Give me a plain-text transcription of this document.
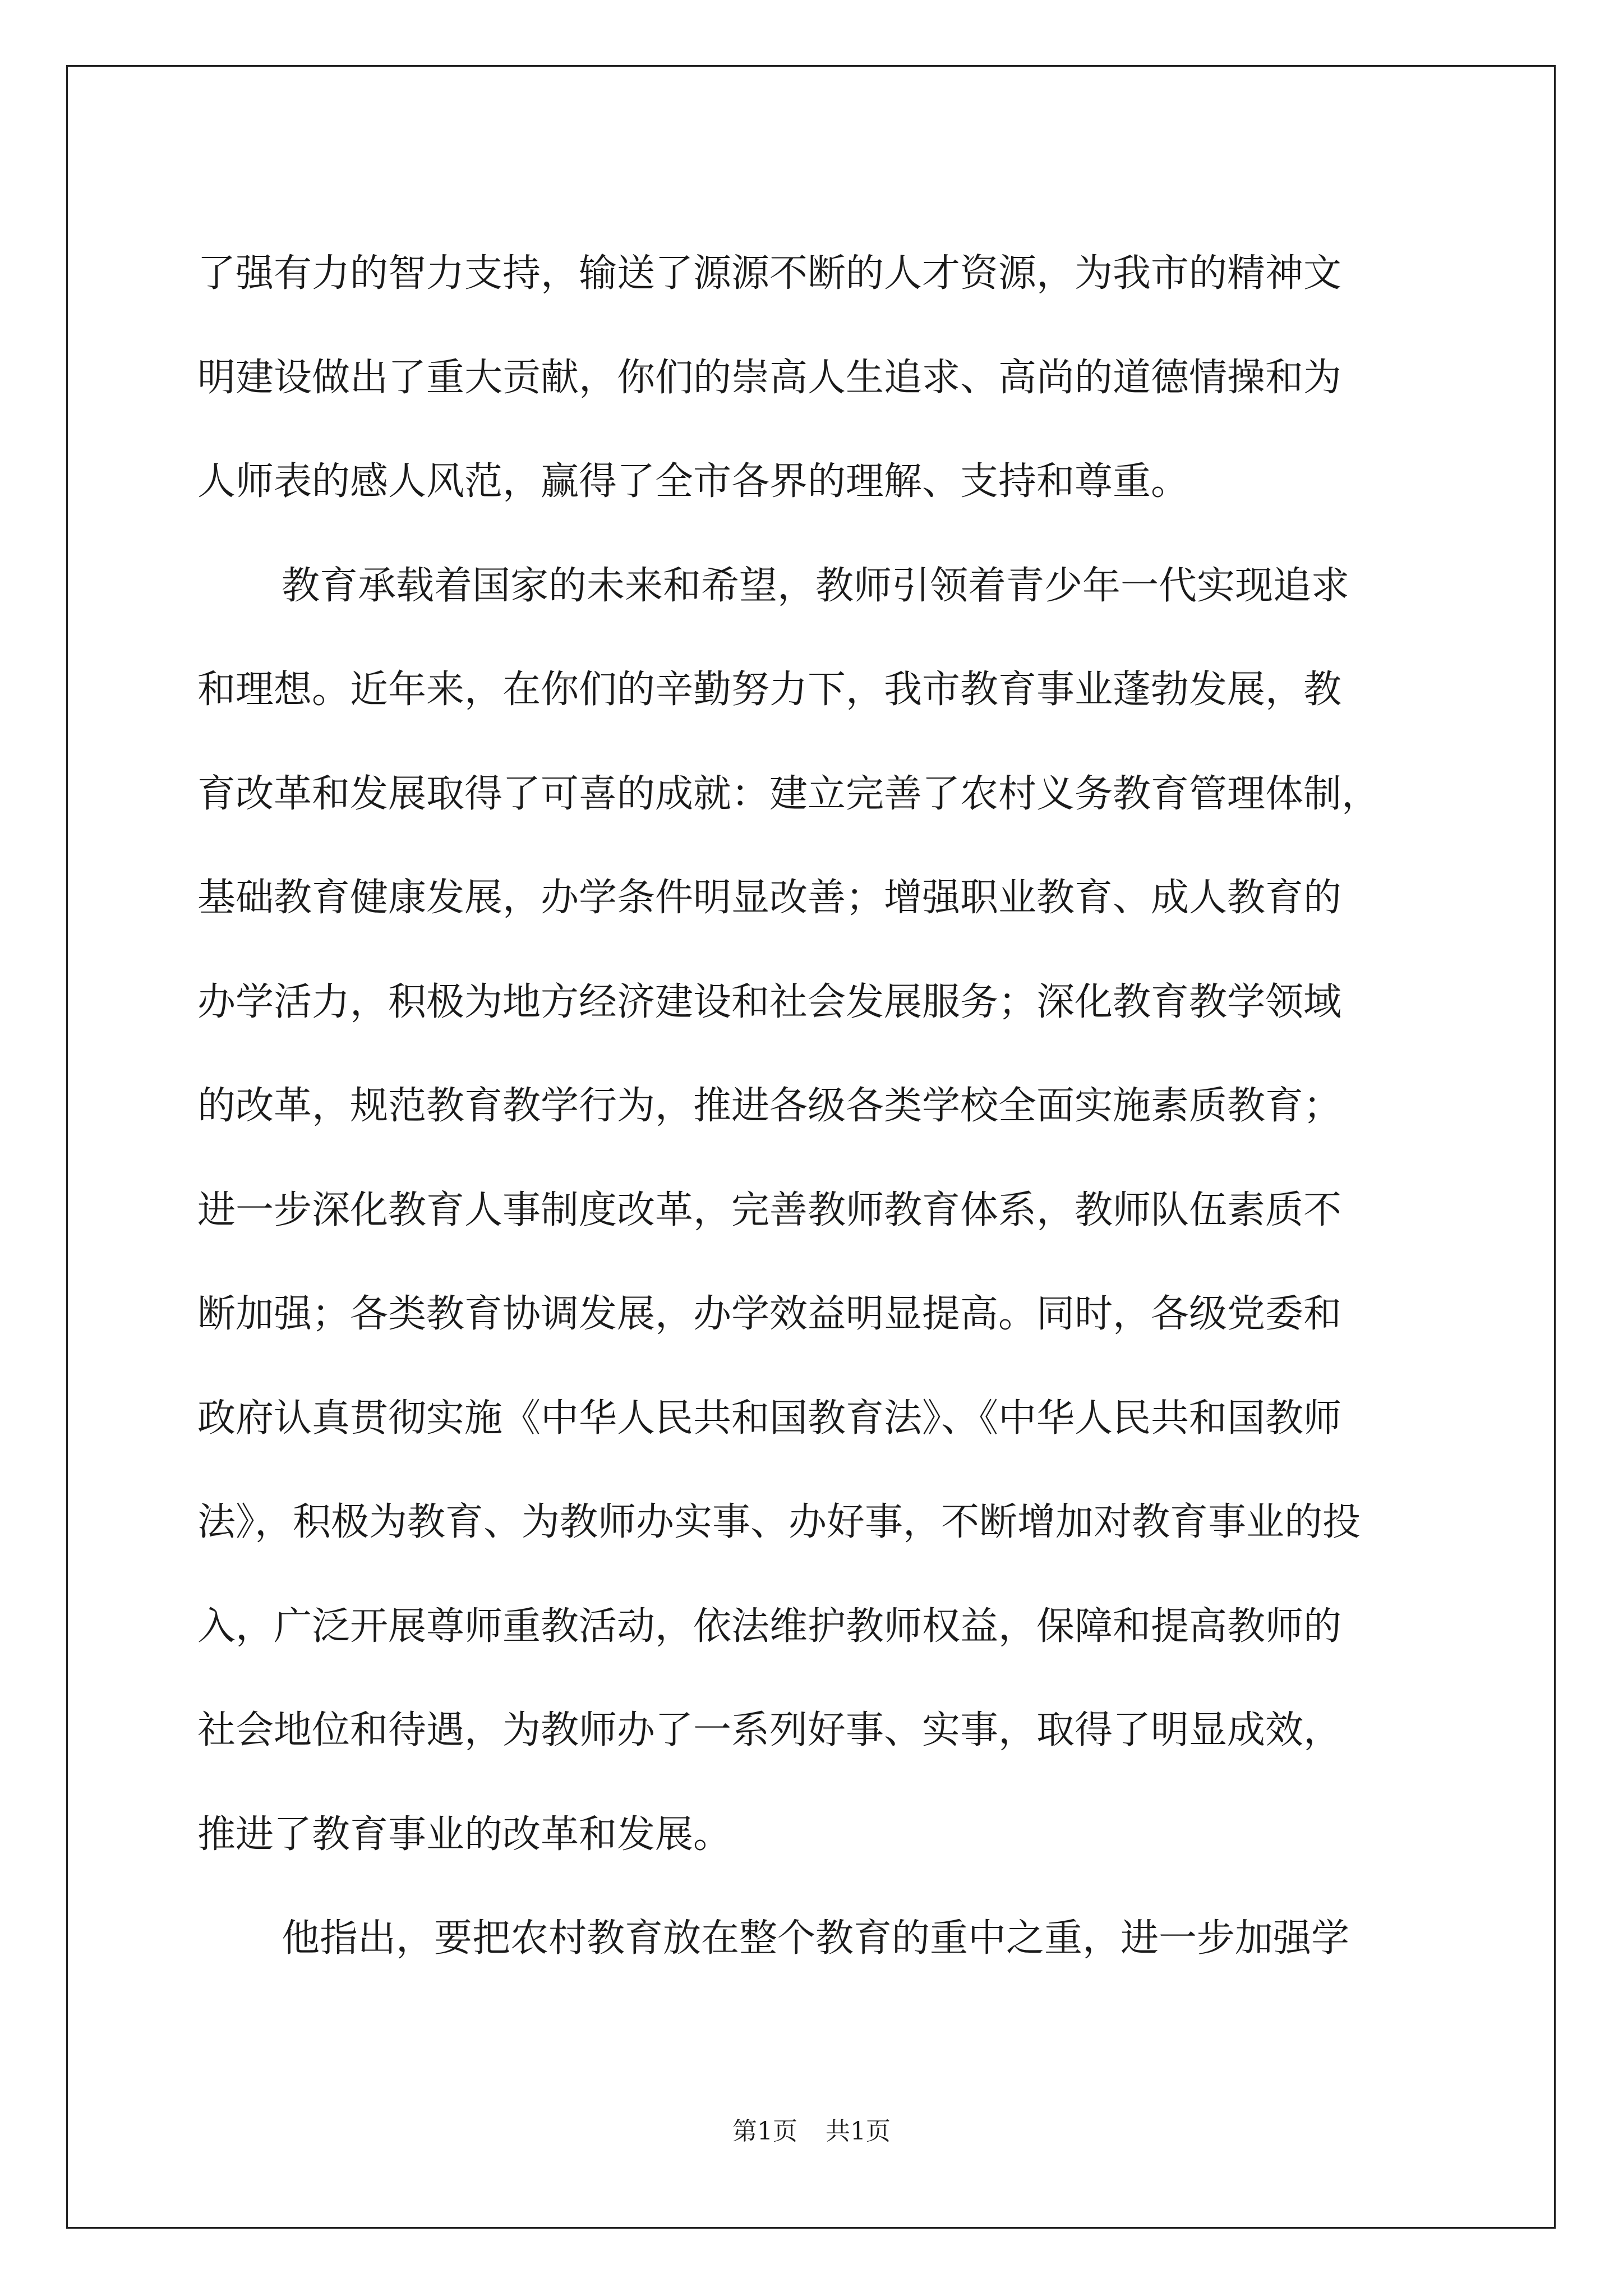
了强有力的智力支持，输送了源源不断的人才资源，为我市的精神文

明建设做出了重大贡献，你们的崇高人生追求、高尚的道德情操和为

人师表的感人风范，赢得了全市各界的理解、支持和尊重。

教育承载着国家的未来和希望，教师引领着青少年一代实现追求

和理想。近年来，在你们的辛勤努力下，我市教育事业蓬勃发展，教

育改革和发展取得了可喜的成就：建立完善了农村义务教育管理体制，

基础教育健康发展，办学条件明显改善；增强职业教育、成人教育的

办学活力，积极为地方经济建设和社会发展服务；深化教育教学领域

的改革，规范教育教学行为，推进各级各类学校全面实施素质教育；

进一步深化教育人事制度改革，完善教师教育体系，教师队伍素质不

断加强；各类教育协调发展，办学效益明显提高。同时，各级党委和

政府认真贯彻实施《中华人民共和国教育法》、《中华人民共和国教师

法》，积极为教育、为教师办实事、办好事，不断增加对教育事业的投

入，广泛开展尊师重教活动，依法维护教师权益，保障和提高教师的

社会地位和待遇，为教师办了一系列好事、实事，取得了明显成效，

推进了教育事业的改革和发展。

他指出，要把农村教育放在整个教育的重中之重，进一步加强学

第1页 共1页
